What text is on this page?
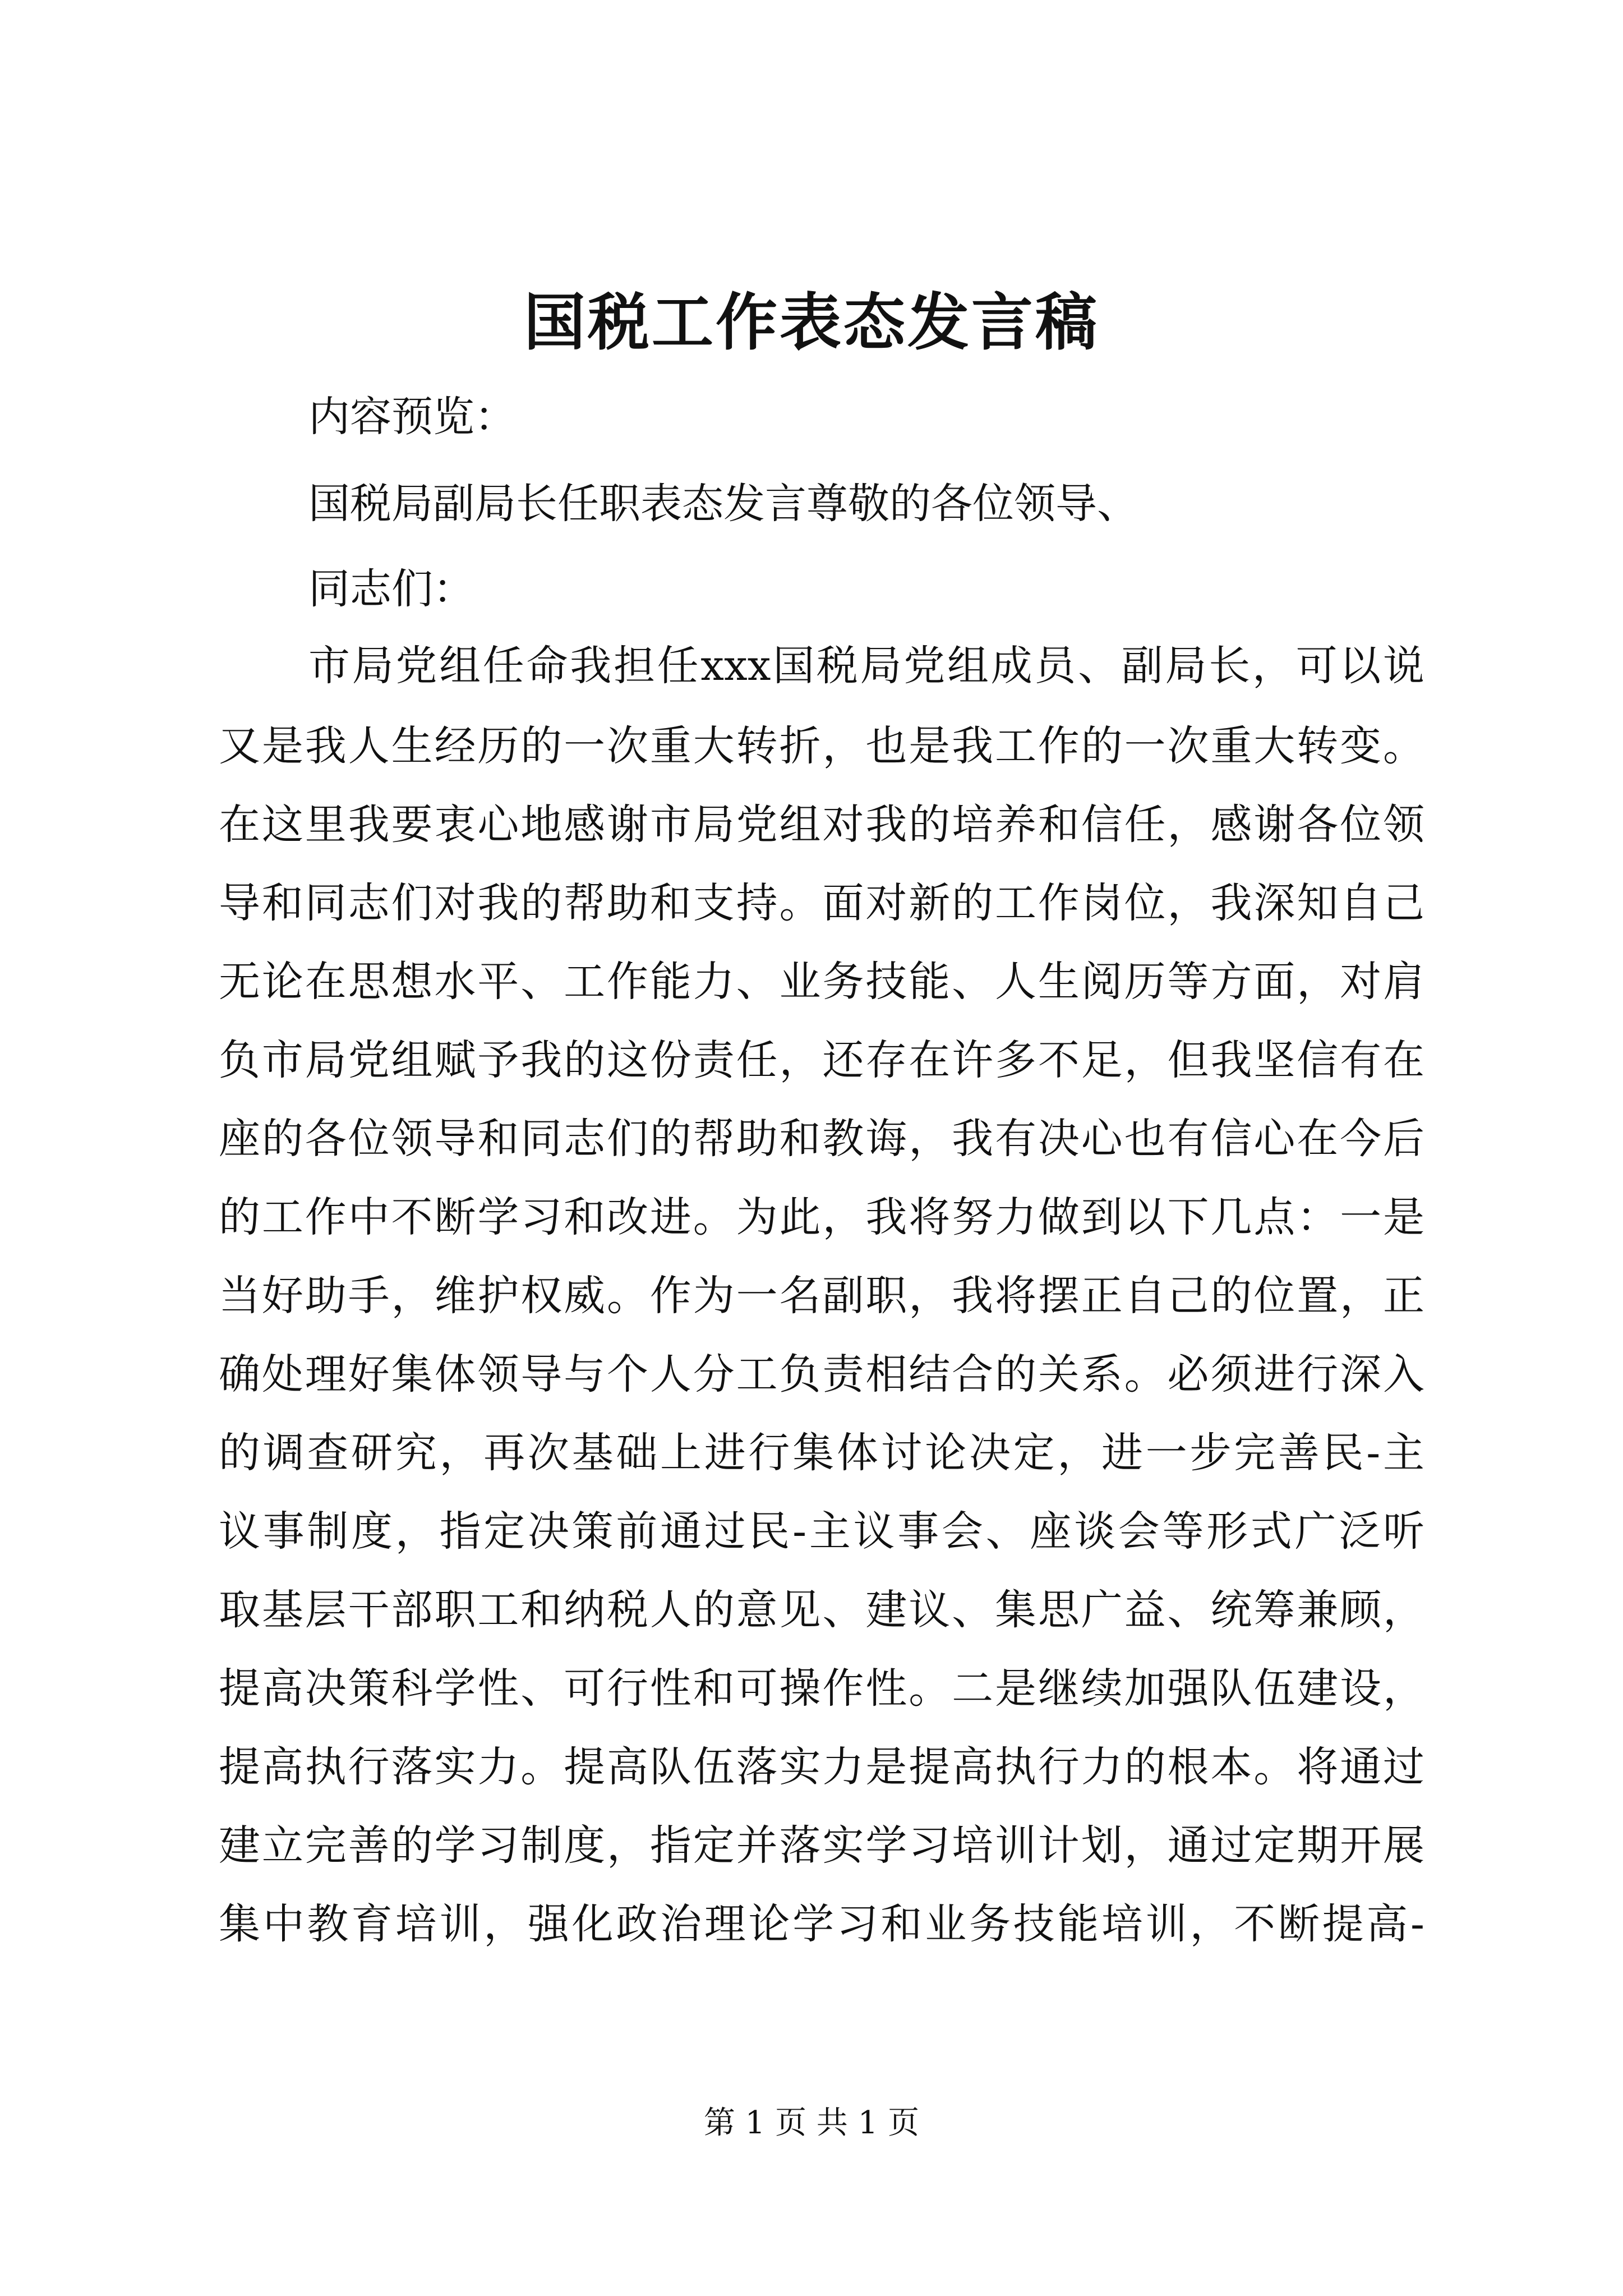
国税工作表态发言稿
内容预览：
国税局副局长任职表态发言尊敬的各位领导、
同志们：
市局党组任命我担任xxx国税局党组成员、副局长，可以说
又是我人生经历的一次重大转折，也是我工作的一次重大转变。
在这里我要衷心地感谢市局党组对我的培养和信任，感谢各位领
导和同志们对我的帮助和支持。面对新的工作岗位，我深知自己
无论在思想水平、工作能力、业务技能、人生阅历等方面，对肩
负市局党组赋予我的这份责任，还存在许多不足，但我坚信有在
座的各位领导和同志们的帮助和教诲，我有决心也有信心在今后
的工作中不断学习和改进。为此，我将努力做到以下几点：一是
当好助手，维护权威。作为一名副职，我将摆正自己的位置，正
确处理好集体领导与个人分工负责相结合的关系。必须进行深入
的调查研究，再次基础上进行集体讨论决定，进一步完善民-主
议事制度，指定决策前通过民-主议事会、座谈会等形式广泛听
取基层干部职工和纳税人的意见、建议、集思广益、统筹兼顾，
提高决策科学性、可行性和可操作性。二是继续加强队伍建设，
提高执行落实力。提高队伍落实力是提高执行力的根本。将通过
建立完善的学习制度，指定并落实学习培训计划，通过定期开展
集中教育培训，强化政治理论学习和业务技能培训，不断提高-
第 1 页 共 1 页
